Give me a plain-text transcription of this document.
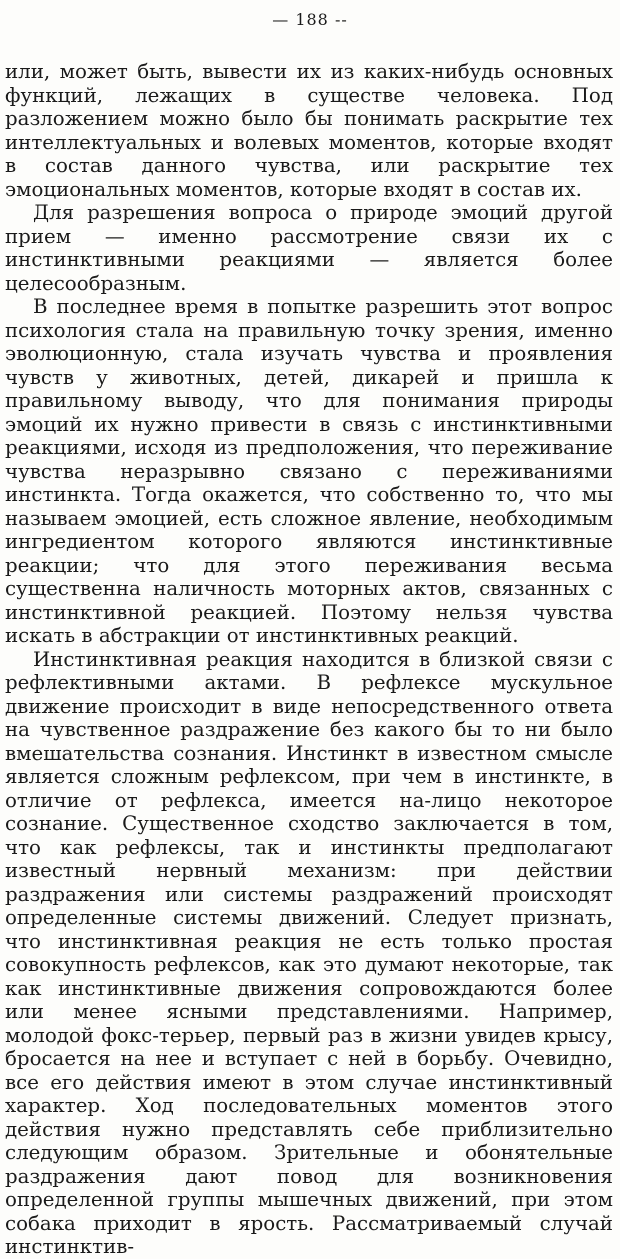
— 188 --

или, может быть, вывести их из каких-нибудь основных функций, лежащих в существе человека. Под разложением можно было бы понимать раскрытие тех интеллектуальных и волевых моментов, которые входят в состав данного чувства, или раскрытие тех эмоциональных моментов, которые входят в состав их.

Для разрешения вопроса о природе эмоций другой прием — именно рассмотрение связи их с инстинктивными реакциями — является более целесообразным.

В последнее время в попытке разрешить этот вопрос психология стала на правильную точку зрения, именно эволюционную, стала изучать чувства и проявления чувств у животных, детей, дикарей и пришла к правильному выводу, что для понимания природы эмоций их нужно привести в связь с инстинктивными реакциями, исходя из предположения, что переживание чувства неразрывно связано с переживаниями инстинкта. Тогда окажется, что собственно то, что мы называем эмоцией, есть сложное явление, необходимым ингредиентом которого являются инстинктивные реакции; что для этого переживания весьма существенна наличность моторных актов, связанных с инстинктивной реакцией. Поэтому нельзя чувства искать в абстракции от инстинктивных реакций.

Инстинктивная реакция находится в близкой связи с рефлективными актами. В рефлексе мускульное движение происходит в виде непосредственного ответа на чувственное раздражение без какого бы то ни было вмешательства сознания. Инстинкт в известном смысле является сложным рефлексом, при чем в инстинкте, в отличие от рефлекса, имеется на-лицо некоторое сознание. Существенное сходство заключается в том, что как рефлексы, так и инстинкты предполагают известный нервный механизм: при действии раздражения или системы раздражений происходят определенные системы движений. Следует признать, что инстинктивная реакция не есть только простая совокупность рефлексов, как это думают некоторые, так как инстинктивные движения сопровождаются более или менее ясными представлениями. Например, молодой фокс-терьер, первый раз в жизни увидев крысу, бросается на нее и вступает с ней в борьбу. Очевидно, все его действия имеют в этом случае инстинктивный характер. Ход последовательных моментов этого действия нужно представлять себе приблизительно следующим образом. Зрительные и обонятельные раздражения дают повод для возникновения определенной группы мышечных движений, при этом собака приходит в ярость. Рассматриваемый случай инстинктив-
